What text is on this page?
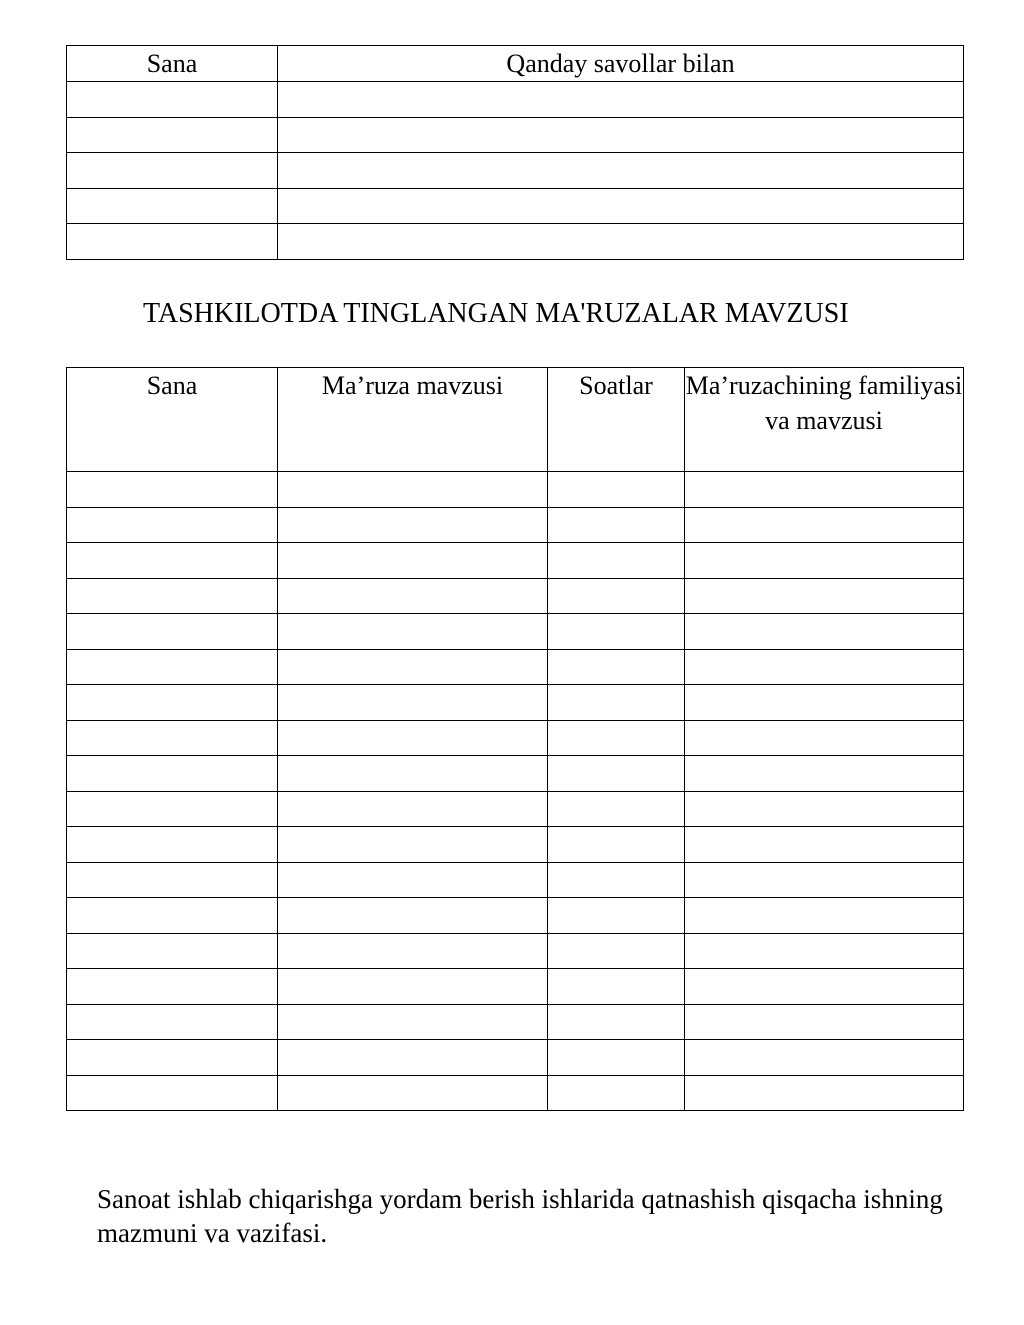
Sana	Qanday savollar bilan

TASHKILOTDA TINGLANGAN MA'RUZALAR MAVZUSI
Sana	Ma’ruza mavzusi	Soatlar	Ma’ruzachining familiyasi va mavzusi

Sanoat ishlab chiqarishga yordam berish ishlarida qatnashish qisqacha ishning mazmuni va vazifasi.
